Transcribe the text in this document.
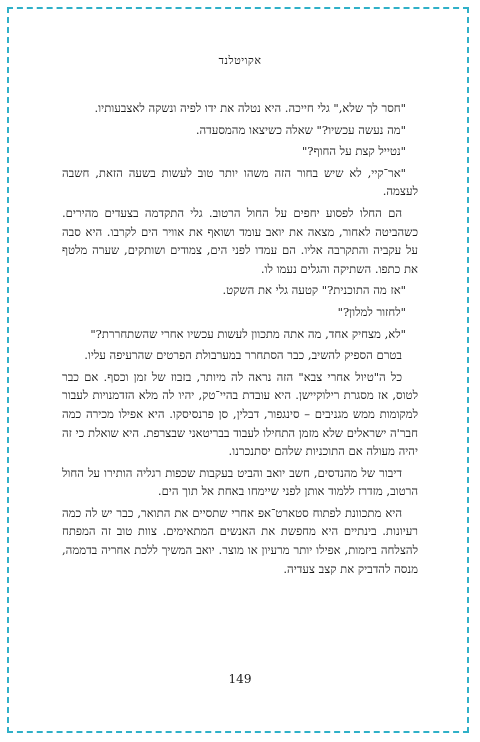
אקויטלנד

"חסר לך שלא," גלי חייכה. היא נטלה את ידו לפיה ונשקה לאצבעותיו.

"מה נעשה עכשיו?" שאלה כשיצאו מהמסעדה.

"נטייל קצת על החוף?"

"אר־קיי, לא שיש בחור הזה משהו יותר טוב לעשות בשעה הזאת, חשבה לעצמה.

הם החלו לפסוע יחפים על החול הרטוב. גלי התקדמה בצעדים מהירים. כשהביטה לאחור, מצאה את יואב עומד ושואף את אוויר הים לקרבו. היא סבה על עקביה והתקרבה אליו. הם עמדו לפני הים, צמודים ושותקים, שערה מלטף את כתפו. השתיקה והגלים נעמו לו.

"אז מה התוכנית?" קטעה גלי את השקט.

"לחזור למלון?"

"לא, מצחיק אחד, מה אתה מתכוון לעשות עכשיו אחרי שהשתחררת?"

בטרם הספיק להשיב, כבר הסתחרר במערבולת הפרטים שהרעיפה עליו.

כל ה"טיול אחרי צבא" הזה נראה לה מיותר, בזבוז של זמן וכסף. אם כבר לטוס, אז מסגרת רילוקיישן. היא עובדת בהיי־טק, יהיו לה מלא הזדמנויות לעבור למקומות ממש מגניבים – סינגפור, דבלין, סן פרנסיסקו. היא אפילו מכירה כמה חבר'ה ישראלים שלא מזמן התחילו לעבוד בבריטאני שבצרפת. היא שואלת כי זה יהיה מעולה אם התוכניות שלהם יסתנכרנו.

דיבור של מהנדסים, חשב יואב והביט בעקבות שכפות רגליה הותירו על החול הרטוב, מזדרז ללמוד אותן לפני שיימחו באחת אל תוך הים.

היא מתכוונת לפתוח סטארט־אפ אחרי שתסיים את התואר, כבר יש לה כמה רעיונות. בינתיים היא מחפשת את האנשים המתאימים. צוות טוב זה המפתח להצלחה ביזמות, אפילו יותר מרעיון או מוצר. יואב המשיך ללכת אחריה בדממה, מנסה להדביק את קצב צעדיה.

149
